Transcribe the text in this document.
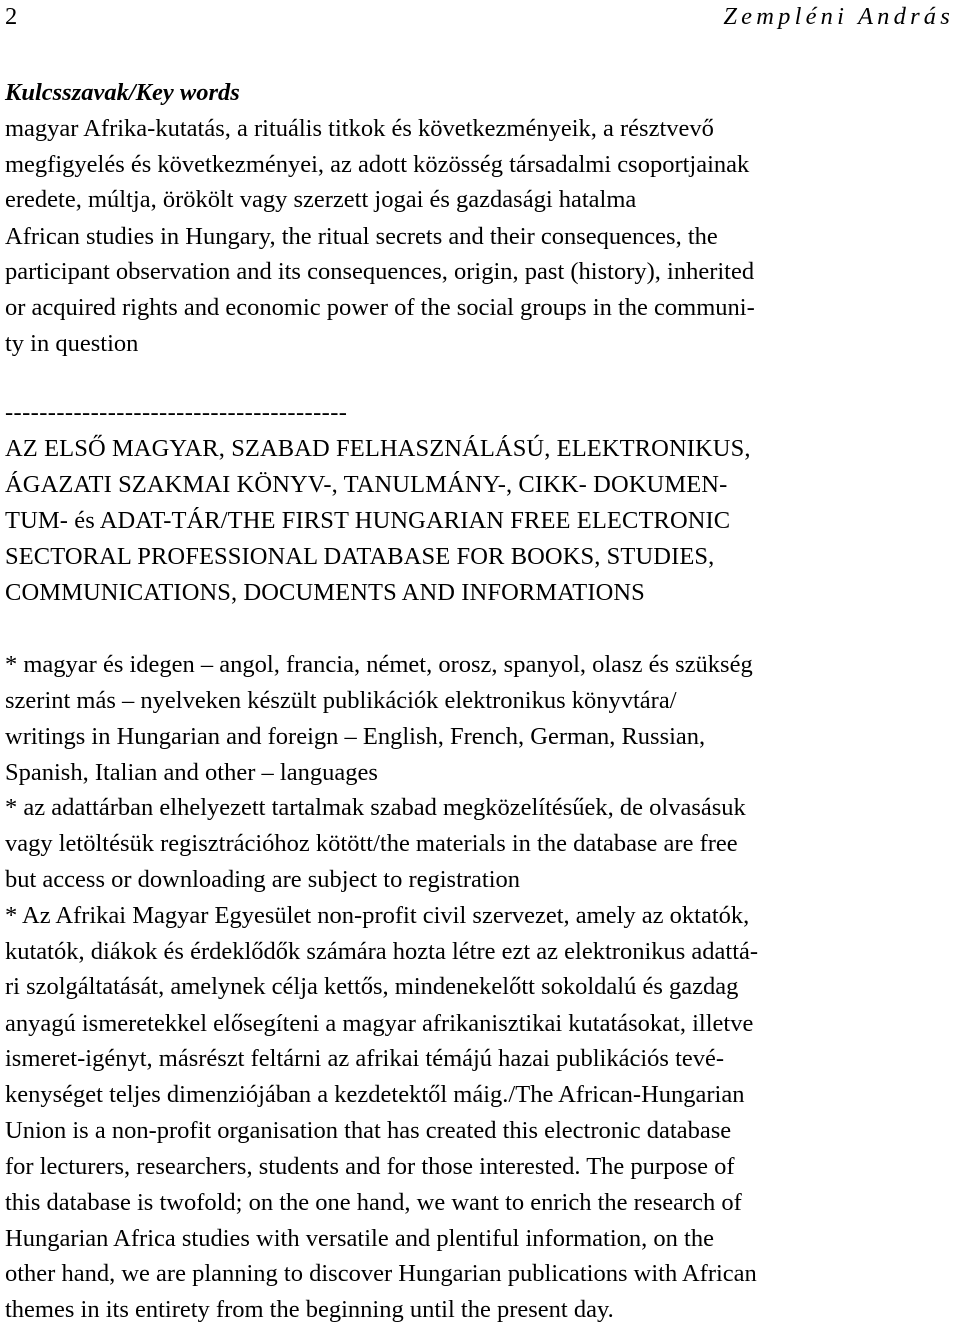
2	Zempléni András
Kulcsszavak/Key words
magyar Afrika-kutatás, a rituális titkok és következményeik, a résztvevő
megfigyelés és következményei, az adott közösség társadalmi csoportjainak
eredete, múltja, örökölt vagy szerzett jogai és gazdasági hatalma
African studies in Hungary, the ritual secrets and their consequences, the
participant observation and its consequences, origin, past (history), inherited
or acquired rights and economic power of the social groups in the communi-
ty in question
----------------------------------------
AZ ELSŐ MAGYAR, SZABAD FELHASZNÁLÁSÚ, ELEKTRONIKUS,
ÁGAZATI SZAKMAI KÖNYV-, TANULMÁNY-, CIKK- DOKUMEN-
TUM- és ADAT-TÁR/THE FIRST HUNGARIAN FREE ELECTRONIC
SECTORAL PROFESSIONAL DATABASE FOR BOOKS, STUDIES,
COMMUNICATIONS, DOCUMENTS AND INFORMATIONS
* magyar és idegen – angol, francia, német, orosz, spanyol, olasz és szükség
szerint más – nyelveken készült publikációk elektronikus könyvtára/
writings in Hungarian and foreign – English, French, German, Russian,
Spanish, Italian and other – languages
* az adattárban elhelyezett tartalmak szabad megközelítésűek, de olvasásuk
vagy letöltésük regisztrációhoz kötött/the materials in the database are free
but access or downloading are subject to registration
* Az Afrikai Magyar Egyesület non-profit civil szervezet, amely az oktatók,
kutatók, diákok és érdeklődők számára hozta létre ezt az elektronikus adattá-
ri szolgáltatását, amelynek célja kettős, mindenekelőtt sokoldalú és gazdag
anyagú ismeretekkel elősegíteni a magyar afrikanisztikai kutatásokat, illetve
ismeret-igényt, másrészt feltárni az afrikai témájú hazai publikációs tevé-
kenységet teljes dimenziójában a kezdetektől máig./The African-Hungarian
Union is a non-profit organisation that has created this electronic database
for lecturers, researchers, students and for those interested. The purpose of
this database is twofold; on the one hand, we want to enrich the research of
Hungarian Africa studies with versatile and plentiful information, on the
other hand, we are planning to discover Hungarian publications with African
themes in its entirety from the beginning until the present day.
